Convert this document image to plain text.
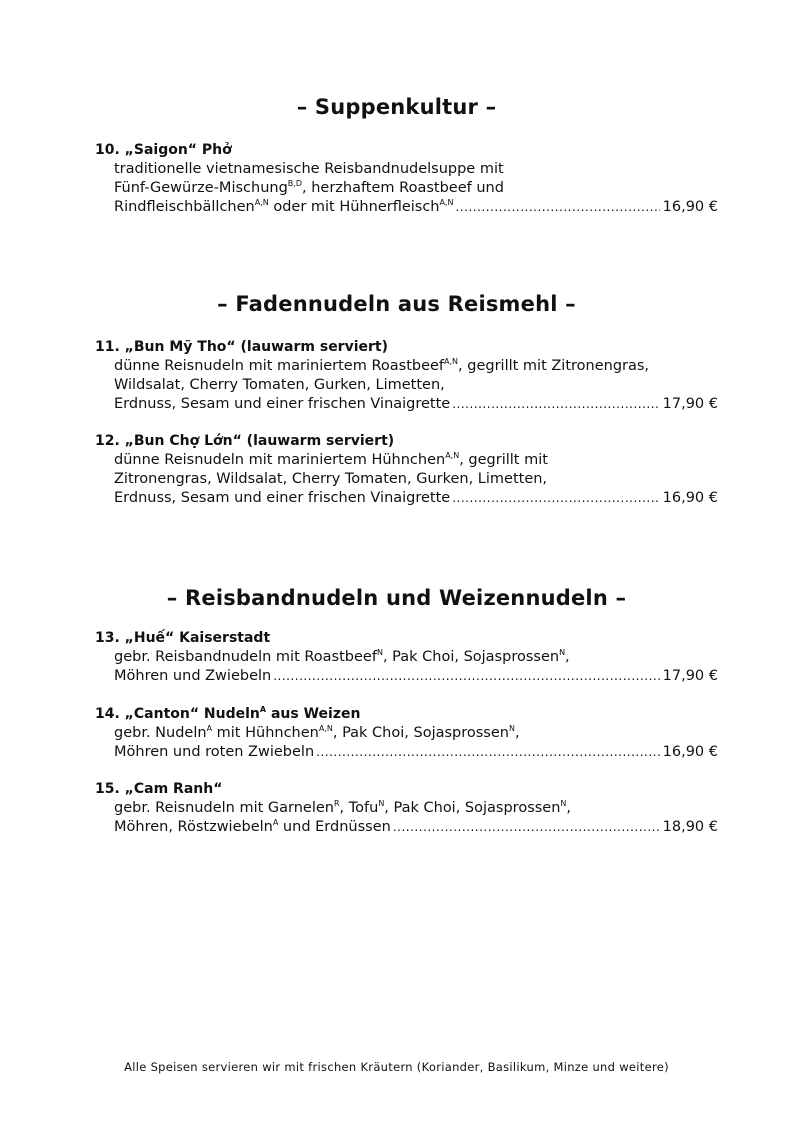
– Suppenkultur –
10. „Saigon“ Phở
traditionelle vietnamesische Reisbandnudelsuppe mit
Fünf-Gewürze-Mischung$^{B,D}$, herzhaftem Roastbeef und
Rindfleischbällchen$^{A,N}$ oder mit Hühnerfleisch$^{A,N}$ .....	16,90 €
– Fadennudeln aus Reismehl –
11. „Bun Mỹ Tho“ (lauwarm serviert)
dünne Reisnudeln mit mariniertem Roastbeef$^{A,N}$, gegrillt mit Zitronengras,
Wildsalat, Cherry Tomaten, Gurken, Limetten,
Erdnuss, Sesam und einer frischen Vinaigrette .....	17,90 €
12. „Bun Chợ Lớn“ (lauwarm serviert)
dünne Reisnudeln mit mariniertem Hühnchen$^{A,N}$, gegrillt mit
Zitronengras, Wildsalat, Cherry Tomaten, Gurken, Limetten,
Erdnuss, Sesam und einer frischen Vinaigrette .....	16,90 €
– Reisbandnudeln und Weizennudeln –
13. „Huế“ Kaiserstadt
gebr. Reisbandnudeln mit Roastbeef$^N$, Pak Choi, Sojasprossen$^N$,
Möhren und Zwiebeln .....	17,90 €
14. „Canton“ Nudeln$^A$ aus Weizen
gebr. Nudeln$^A$ mit Hühnchen$^{A,N}$, Pak Choi, Sojasprossen$^N$,
Möhren und roten Zwiebeln .....	16,90 €
15. „Cam Ranh“
gebr. Reisnudeln mit Garnelen$^R$, Tofu$^N$, Pak Choi, Sojasprossen$^N$,
Möhren, Röstzwiebeln$^A$ und Erdnüssen .....	18,90 €

Alle Speisen servieren wir mit frischen Kräutern (Koriander, Basilikum, Minze und weitere)
